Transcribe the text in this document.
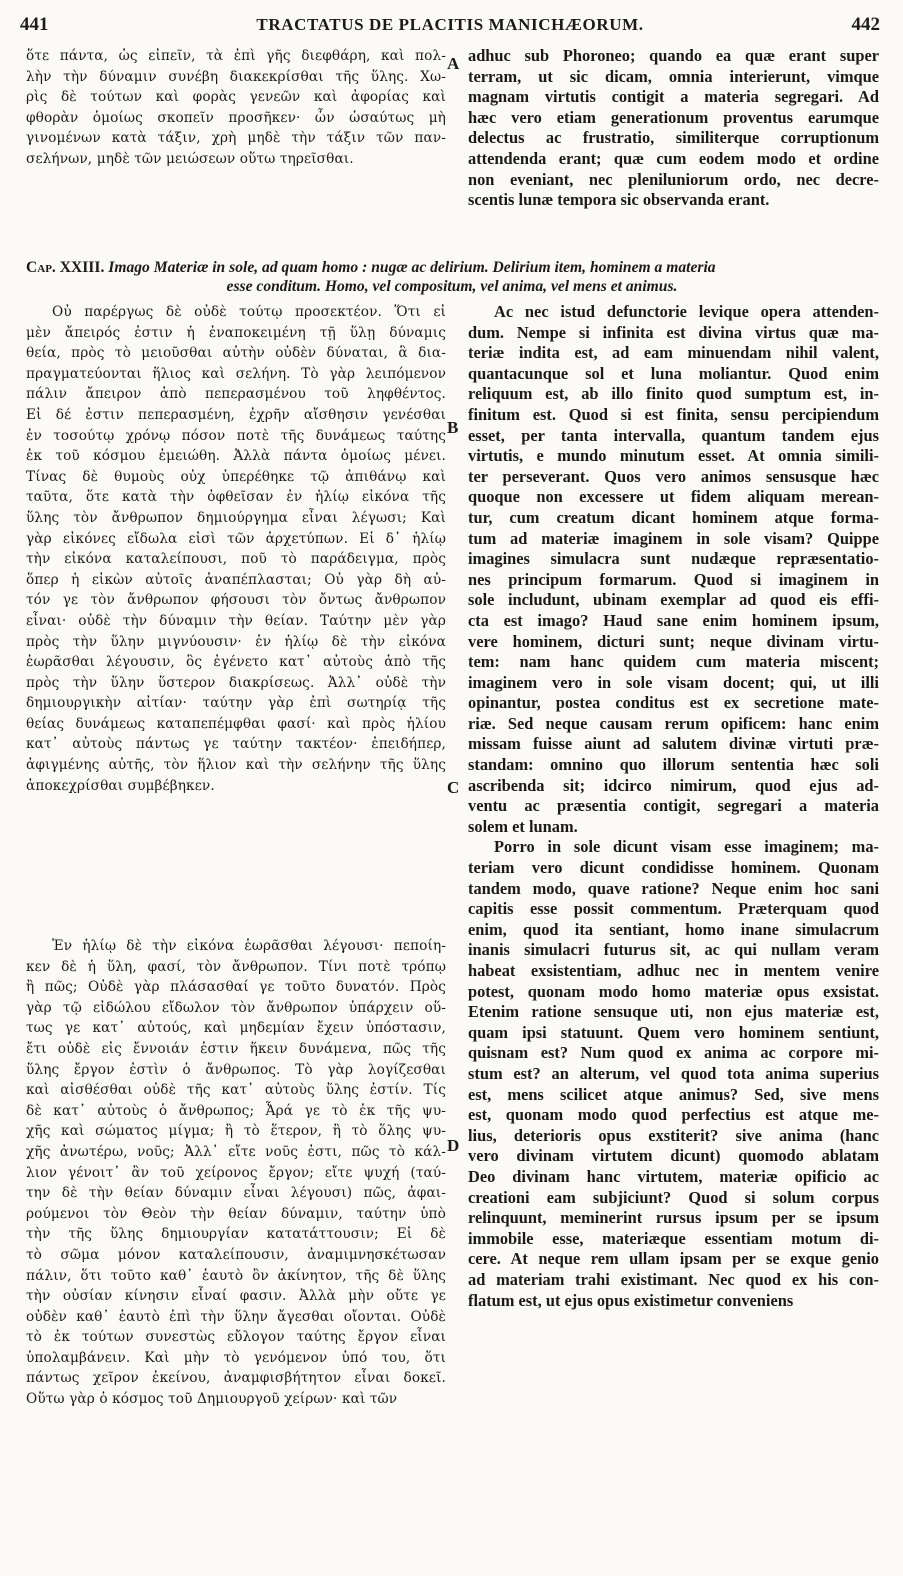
441	TRACTATUS DE PLACITIS MANICHÆORUM.	442
ὅτε πάντα, ὡς εἰπεῖν, τὰ ἐπὶ γῆς διεφθάρη, καὶ πολ-
λὴν τὴν δύναμιν συνέβη διακεκρίσθαι τῆς ὕλης. Χω-
ρὶς δὲ τούτων καὶ φορὰς γενεῶν καὶ ἀφορίας καὶ
φθορὰν ὁμοίως σκοπεῖν προσῆκεν· ὧν ὡσαύτως μὴ
γινομένων κατὰ τάξιν, χρὴ μηδὲ τὴν τάξιν τῶν παν-
σελήνων, μηδὲ τῶν μειώσεων οὕτω τηρεῖσθαι.
adhuc sub Phoroneo; quando ea quæ erant super
terram, ut sic dicam, omnia interierunt, vimque
magnam virtutis contigit a materia segregari. Ad
hæc vero etiam generationum proventus earumque
delectus ac frustratio, similiterque corruptionum
attendenda erant; quæ cum eodem modo et ordine
non eveniant, nec pleniluniorum ordo, nec decre-
scentis lunæ tempora sic observanda erant.
Cap. XXIII. Imago Materiæ in sole, ad quam homo : nugæ ac delirium. Delirium item, hominem a materia
esse conditum. Homo, vel compositum, vel anima, vel mens et animus.
Οὐ παρέργως δὲ οὐδὲ τούτῳ προσεκτέον. Ὅτι εἰ
μὲν ἄπειρός ἐστιν ἡ ἐναποκειμένη τῇ ὕλῃ δύναμις
θεία, πρὸς τὸ μειοῦσθαι αὐτὴν οὐδὲν δύναται, ἃ δια-
πραγματεύονται ἥλιος καὶ σελήνη. Τὸ γὰρ λειπόμενον
πάλιν ἄπειρον ἀπὸ πεπερασμένου τοῦ ληφθέντος.
Εἰ δέ ἐστιν πεπερασμένη, ἐχρῆν αἴσθησιν γενέσθαι
ἐν τοσούτῳ χρόνῳ πόσον ποτὲ τῆς δυνάμεως ταύτης
ἐκ τοῦ κόσμου ἐμειώθη. Ἀλλὰ πάντα ὁμοίως μένει.
Τίνας δὲ θυμοὺς οὐχ ὑπερέθηκε τῷ ἀπιθάνῳ καὶ
ταῦτα, ὅτε κατὰ τὴν ὀφθεῖσαν ἐν ἡλίῳ εἰκόνα τῆς
ὕλης τὸν ἄνθρωπον δημιούργημα εἶναι λέγωσι; Καὶ
γὰρ εἰκόνες εἴδωλα εἰσὶ τῶν ἀρχετύπων. Εἰ δ᾽ ἡλίῳ
τὴν εἰκόνα καταλείπουσι, ποῦ τὸ παράδειγμα, πρὸς
ὅπερ ἡ εἰκὼν αὐτοῖς ἀναπέπλασται; Οὐ γὰρ δὴ αὐ-
τόν γε τὸν ἄνθρωπον φήσουσι τὸν ὄντως ἄνθρωπον
εἶναι· οὐδὲ τὴν δύναμιν τὴν θείαν. Ταύτην μὲν γὰρ
πρὸς τὴν ὕλην μιγνύουσιν· ἐν ἡλίῳ δὲ τὴν εἰκόνα
ἑωρᾶσθαι λέγουσιν, ὃς ἐγένετο κατ᾽ αὐτοὺς ἀπὸ τῆς
πρὸς τὴν ὕλην ὕστερον διακρίσεως. Ἀλλ᾽ οὐδὲ τὴν
δημιουργικὴν αἰτίαν· ταύτην γὰρ ἐπὶ σωτηρίᾳ τῆς
θείας δυνάμεως καταπεπέμφθαι φασί· καὶ πρὸς ἡλίου
κατ᾽ αὐτοὺς πάντως γε ταύτην τακτέον· ἐπειδήπερ,
ἀφιγμένης αὐτῆς, τὸν ἥλιον καὶ τὴν σελήνην τῆς ὕλης
ἀποκεχρίσθαι συμβέβηκεν.
Ac nec istud defunctorie levique opera attenden-
dum. Nempe si infinita est divina virtus quæ ma-
teriæ indita est, ad eam minuendam nihil valent,
quantacunque sol et luna moliantur. Quod enim
reliquum est, ab illo finito quod sumptum est, in-
finitum est. Quod si est finita, sensu percipiendum
esset, per tanta intervalla, quantum tandem ejus
virtutis, e mundo minutum esset. At omnia simili-
ter perseverant. Quos vero animos sensusque hæc
quoque non excessere ut fidem aliquam merean-
tur, cum creatum dicant hominem atque forma-
tum ad materiæ imaginem in sole visam? Quippe
imagines simulacra sunt nudæque repræsentatio-
nes principum formarum. Quod si imaginem in
sole includunt, ubinam exemplar ad quod eis effi-
cta est imago? Haud sane enim hominem ipsum,
vere hominem, dicturi sunt; neque divinam virtu-
tem: nam hanc quidem cum materia miscent;
imaginem vero in sole visam docent; qui, ut illi
opinantur, postea conditus est ex secretione mate-
riæ. Sed neque causam rerum opificem: hanc enim
missam fuisse aiunt ad salutem divinæ virtuti præ-
standam: omnino quo illorum sententia hæc soli
ascribenda sit; idcirco nimirum, quod ejus ad-
ventu ac præsentia contigit, segregari a materia
solem et lunam.
Porro in sole dicunt visam esse imaginem; ma-
teriam vero dicunt condidisse hominem. Quonam
tandem modo, quave ratione? Neque enim hoc sani
capitis esse possit commentum. Præterquam quod
enim, quod ita sentiant, homo inane simulacrum
inanis simulacri futurus sit, ac qui nullam veram
habeat exsistentiam, adhuc nec in mentem venire
potest, quonam modo homo materiæ opus exsistat.
Etenim ratione sensuque uti, non ejus materiæ est,
quam ipsi statuunt. Quem vero hominem sentiunt,
quisnam est? Num quod ex anima ac corpore mi-
stum est? an alterum, vel quod tota anima superius
est, mens scilicet atque animus? Sed, sive mens
est, quonam modo quod perfectius est atque me-
lius, deterioris opus exstiterit? sive anima (hanc
vero divinam virtutem dicunt) quomodo ablatam
Deo divinam hanc virtutem, materiæ opificio ac
creationi eam subjiciunt? Quod si solum corpus
relinquunt, meminerint rursus ipsum per se ipsum
immobile esse, materiæque essentiam motum di-
cere. At neque rem ullam ipsam per se exque genio
ad materiam trahi existimant. Nec quod ex his con-
flatum est, ut ejus opus existimetur conveniens
Ἐν ἡλίῳ δὲ τὴν εἰκόνα ἑωρᾶσθαι λέγουσι· πεποίη-
κεν δὲ ἡ ὕλη, φασί, τὸν ἄνθρωπον. Τίνι ποτὲ τρόπῳ
ἢ πῶς; Οὐδὲ γὰρ πλάσασθαί γε τοῦτο δυνατόν. Πρὸς
γὰρ τῷ εἰδώλου εἴδωλον τὸν ἄνθρωπον ὑπάρχειν οὕ-
τως γε κατ᾽ αὐτούς, καὶ μηδεμίαν ἔχειν ὑπόστασιν,
ἔτι οὐδὲ εἰς ἔννοιάν ἐστιν ἥκειν δυνάμενα, πῶς τῆς
ὕλης ἔργον ἐστὶν ὁ ἄνθρωπος. Τὸ γὰρ λογίζεσθαι
καὶ αἰσθέσθαι οὐδὲ τῆς κατ᾽ αὐτοὺς ὕλης ἐστίν. Τίς
δὲ κατ᾽ αὐτοὺς ὁ ἄνθρωπος; Ἆρά γε τὸ ἐκ τῆς ψυ-
χῆς καὶ σώματος μίγμα; ἢ τὸ ἕτερον, ἢ τὸ ὅλης ψυ-
χῆς ἀνωτέρω, νοῦς; Ἀλλ᾽ εἴτε νοῦς ἐστι, πῶς τὸ κάλ-
λιον γένοιτ᾽ ἂν τοῦ χείρονος ἔργον; εἴτε ψυχή (ταύ-
την δὲ τὴν θείαν δύναμιν εἶναι λέγουσι) πῶς, ἀφαι-
ρούμενοι τὸν Θεὸν τὴν θείαν δύναμιν, ταύτην ὑπὸ
τὴν τῆς ὕλης δημιουργίαν κατατάττουσιν; Εἰ δὲ
τὸ σῶμα μόνον καταλείπουσιν, ἀναμιμνησκέτωσαν
πάλιν, ὅτι τοῦτο καθ᾽ ἑαυτὸ ὂν ἀκίνητον, τῆς δὲ ὕλης
τὴν οὐσίαν κίνησιν εἶναί φασιν. Ἀλλὰ μὴν οὔτε γε
οὐδὲν καθ᾽ ἑαυτὸ ἐπὶ τὴν ὕλην ἄγεσθαι οἴονται. Οὐδὲ
τὸ ἐκ τούτων συνεστὼς εὔλογον ταύτης ἔργον εἶναι
ὑπολαμβάνειν. Καὶ μὴν τὸ γενόμενον ὑπό του, ὅτι
πάντως χεῖρον ἐκείνου, ἀναμφισβήτητον εἶναι δοκεῖ.
Οὕτω γὰρ ὁ κόσμος τοῦ Δημιουργοῦ χείρων· καὶ τῶν
A
B
C
D
